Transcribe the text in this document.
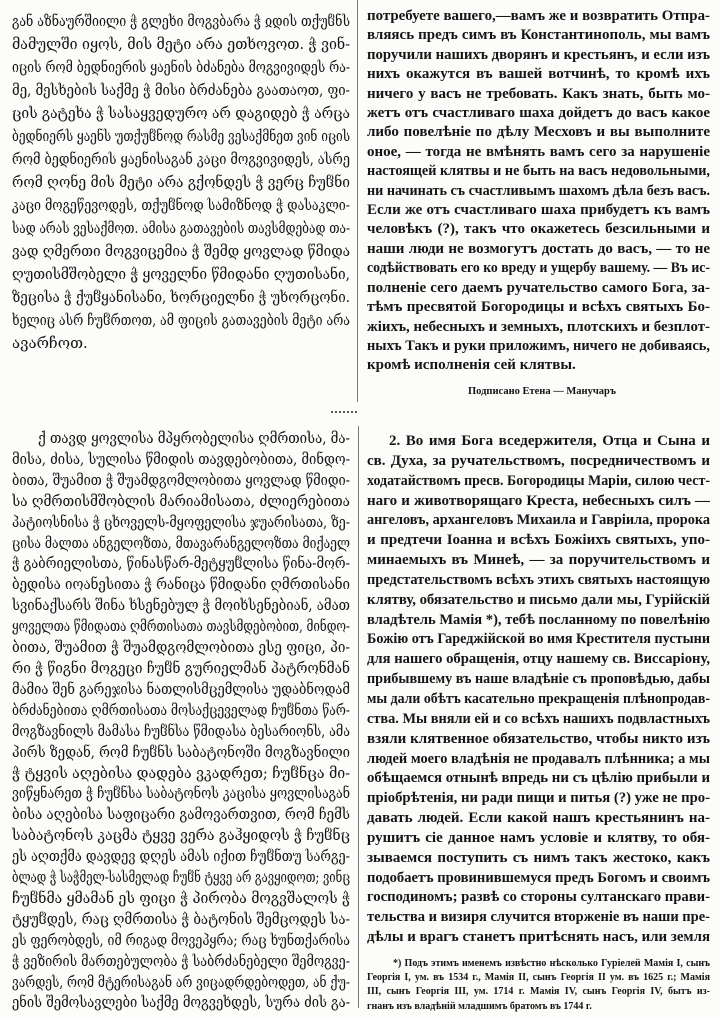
გან აზნაურშიილი ჭ გლეხი მოგვბარა ჭ ჲდის თქუჱნს
მამულში იყოს, მის მეტი არა ეთხოვოთ. ჭ ვინ-
იცის რომ ბედნიერის ყაენის ბძანება მოგვივიდეს რა-
მე, მესხების საქმე ჭ მისი ბრძანება გაათაოთ, ფი-
ცის გატეხა ჭ სასაყვედურო არ დაგიდებ ჭ არცა
ბედნიერს ყაენს უთქუჱნოდ რასმე ვესაქმნეთ ვინ იცის
რომ ბედნიერის ყაენისაგან კაცი მოგვივიდეს, ასრე
რომ ღონე მის მეტი არა გქონდეს ჭ ვერც ჩუჱნი
კაცი მოგეწევოდეს, თქუჱნოდ სამიზნოდ ჭ დასაკლი-
სად არას ვესაქმოთ. ამისა გათავების თავსმდებად თა-
ვად ღმერთი მოგვიცემია ჭ შემდ ყოვლად წმიდა
ღუთისმშობელი ჭ ყოველნი წმიდანი ღუთისანი,
ზეცისა ჭ ქუჱყანისანი, ხორციელნი ჭ უხორცონი.
ხელიც ასრ ჩუჱრთოთ, ამ ფიცის გათავების მეტი არა
ავარჩოთ.
потребуете вашего,—вамъ же и возвратить Отпра-
вляясь предъ симъ въ Константинополь, мы вамъ
поручили нашихъ дворянъ и крестьянъ, и если изъ
нихъ окажутся въ вашей вотчинѣ, то кромѣ ихъ
ничего у васъ не требовать. Какъ знать, быть мо-
жетъ отъ счастливаго шаха дойдетъ до васъ какое
либо повелѣніе по дѣлу Месховъ и вы выполните
оное, — тогда не вмѣнять вамъ сего за нарушеніе
настоящей клятвы и не быть на васъ недовольными,
ни начинать съ счастливымъ шахомъ дѣла безъ васъ.
Если же отъ счастливаго шаха прибудетъ къ вамъ
человѣкъ (?), такъ что окажетесь безсильными и
наши люди не возмогутъ достать до васъ, — то не
содѣйствовать его ко вреду и ущербу вашему. — Въ ис-
полненіе сего даемъ ручательство самого Бога, за-
тѣмъ пресвятой Богородицы и всѣхъ святыхъ Бо-
жіихъ, небесныхъ и земныхъ, плотскихъ и безплот-
ныхъ Такъ и руки приложимъ, ничего не добиваясь,
кромѣ исполненія сей клятвы.
Подписано Етена — Манучаръ
ქ თავდ ყოვლისა მპყრობელისა ღმრთისა, მა-
მისა, ძისა, სულისა წმიდის თავდებობითა, მინდო-
ბითა, შუამით ჭ შუამდგომლობითა ყოვლად წმიდი-
სა ღმრთისმშობლის მარიამისათა, ძლიერებითა
პატიოსნისა ჭ ცხოველს-მყოფელისა ჯუარისათა, ზე-
ცისა მალთა ანგელოზთა, მთავარანგელოზთა მიქაელ
ჭ გაბრიელისთა, წინასწარ-მეტყუჱლისა წინა-მორ-
ბედისა იოანესითა ჭ რანიცა წმიდანი ღმრთისანი
სვინაქსარს შინა ხსენებულ ჭ მოიხსენებიან, ამათ
ყოველთა წმიდათა ღმრთისათა თავსმდებობით, მინდო-
ბითა, შუამით ჭ შუამდგომლობითა ესე ფიცი, პი-
რი ჭ წიგნი მოგეცი ჩუჱნ გურიელმან პატრონმან
მამია შენ გარეჯისა ნათლისმცემლისა უდაბნოდამ
ბრძანებითა ღმრთისათა მოსაქცეველად ჩუჱნთა წარ-
მოგზავნილს მამასა ჩუჱნსა წმიდასა ბესარიონს, ამა
პირს ზედან, რომ ჩუჱნს საბატონოში მოგზავნილი
ჭ ტყვის აღებისა დადება ვკადრეთ; ჩუჱნცა მი-
ვიწყნარეთ ჭ ჩუჱნსა საბატონოს კაცისა ყოვლისაგან
ბისა აღებისა საფიცარი გამოვართვით, რომ ჩემს
საბატონოს კაცმა ტყვე ვერა გაჰყიდოს ჭ ჩუჱნც
ეს აღთქმა დავდევ დღეს ამას იქით ჩუჱნთუ სარგე-
ბლად ჭ საჭმელ-სასმელად ჩუჱნ ტყვე არ გავყიდოთ; ვინც
ჩუჱნმა ყმამან ეს ფიცი ჭ პირობა მოგვშალოს ჭ
ტყუჱდეს, რაც ღმრთისა ჭ ბატონის შემცოდეს სა-
ეს ფერობდეს, იმ რიგად მოვეპყრა; რაც ხუნთქარისა
ჭ ვეზირის მართებულობა ჭ საბრძანებელი შემოგვე-
ვარდეს, რომ მტერისაგან არ ვიცადრდებოდეთ, ან ქუ-
ენის შემოსავლები საქმე მოგვეხდეს, სურა ძის გა-
2. Во имя Бога вседержителя, Отца и Сына и
св. Духа, за ручательствомъ, посредничествомъ и
ходатайствомъ пресв. Богородицы Маріи, силою чест-
наго и животворящаго Креста, небесныхъ силъ —
ангеловъ, архангеловъ Михаила и Гавріила, пророка
и предтечи Іоанна и всѣхъ Божіихъ святыхъ, упо-
минаемыхъ въ Минеѣ, — за поручительствомъ и
предстательствомъ всѣхъ этихъ святыхъ настоящую
клятву, обязательство и письмо дали мы, Гурійскій
владѣтель Мамія *), тебѣ посланному по повелѣнію
Божію отъ Гареджійской во имя Крестителя пустыни
для нашего обращенія, отцу нашему св. Виссаріону,
прибывшему въ наше владѣніе съ проповѣдью, дабы
мы дали обѣтъ касательно прекращенія плѣнопродав-
ства. Мы вняли ей и со всѣхъ нашихъ подвластныхъ
взяли клятвенное обязательство, чтобы никто изъ
людей моего владѣнія не продавалъ плѣнника; а мы
обѣщаемся отнынѣ впредь ни съ цѣлію прибыли и
пріобрѣтенія, ни ради пищи и питья (?) уже не про-
давать людей. Если какой нашъ крестьянинъ на-
рушитъ сіе данное намъ условіе и клятву, то обя-
зываемся поступить съ нимъ такъ жестоко, какъ
подобаетъ провинившемуся предъ Богомъ и своимъ
господиномъ; развѣ со стороны султанскаго прави-
тельства и визиря случится вторженіе въ наши пре-
дѣлы и врагъ станетъ притѣснять насъ, или земля
*) Подъ этимъ именемъ извѣстно нѣсколько Гуріелей Мамія I, сынъ
Георгія I, ум. въ 1534 г., Мамія II, сынъ Георгія II ум. въ 1625 г.; Мамія
III, сынъ Георгія III, ум. 1714 г. Мамія IV, сынъ Георгія IV, бытъ из-
гнанъ изъ владѣній младшимъ братомъ въ 1744 г.
